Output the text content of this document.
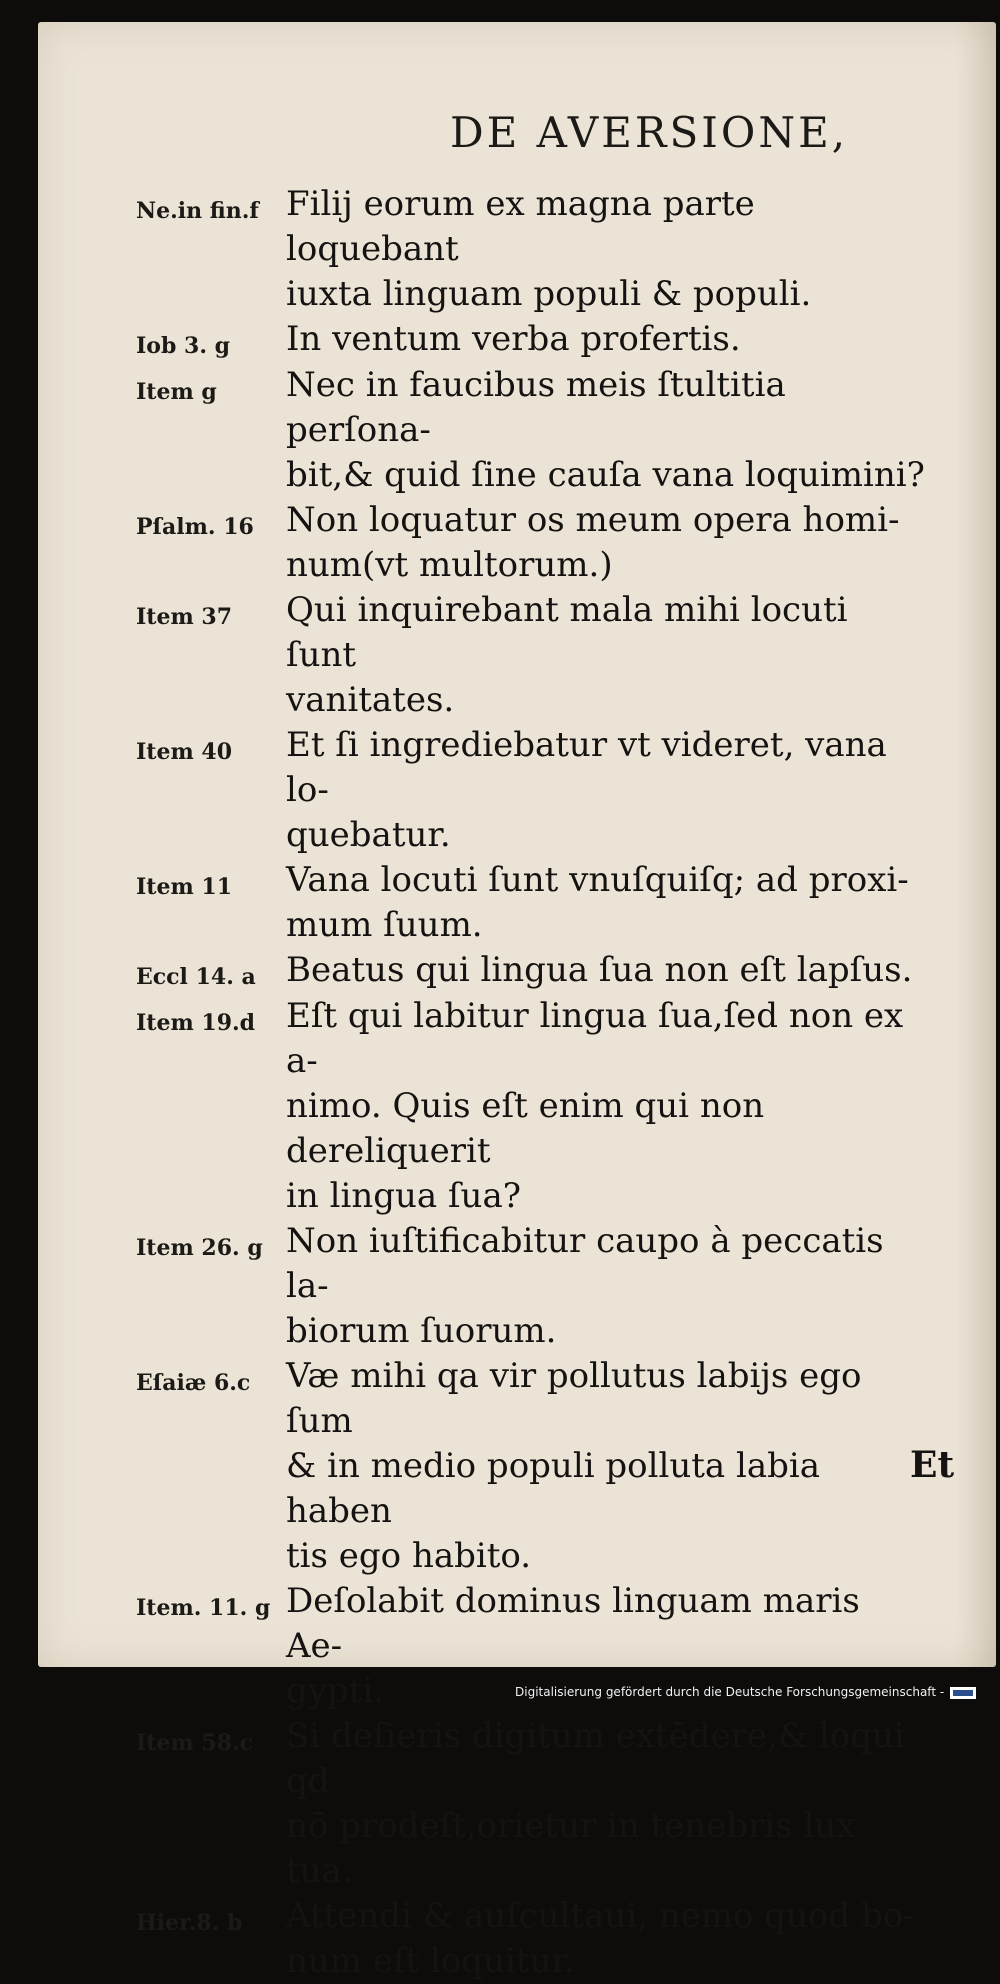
DE AVERSIONE,
Ne.in fin.f Filij eorum ex magna parte loquebant
iuxta linguam populi & populi.
Iob 3. g	In ventum verba profertis.
Item g	Nec in faucibus meis ſtultitia perſona-
bit,& quid ſine cauſa vana loquimini?
Pſalm. 16 Non loquatur os meum opera homi-
num(vt multorum.)
Item 37	Qui inquirebant mala mihi locuti ſunt
vanitates.
Item 40	Et ſi ingrediebatur vt videret, vana lo-
quebatur.
Item 11	Vana locuti ſunt vnuſquiſq; ad proxi-
mum ſuum.
Eccl 14. a Beatus qui lingua ſua non eſt lapſus.
Item 19.d Eſt qui labitur lingua ſua,ſed non ex a-
nimo. Quis eſt enim qui non dereliquerit
in lingua ſua?
Item 26. g Non iuſtificabitur caupo à peccatis la-
biorum ſuorum.
Eſaiæ 6.c	Væ mihi qa vir pollutus labijs ego ſum
& in medio populi polluta labia haben
tis ego habito.
Item. 11. g Deſolabit dominus linguam maris Ae-
gypti.
Item 58.c Si deſieris digitum extēdere,& loqui qd
nō prodeſt,orietur in tenebris lux tua.
Hier.8. b	Attendi & auſcultaui, nemo quod bo-
num eſt loquitur.
Et
Digitalisierung gefördert durch die Deutsche Forschungsgemeinschaft -
